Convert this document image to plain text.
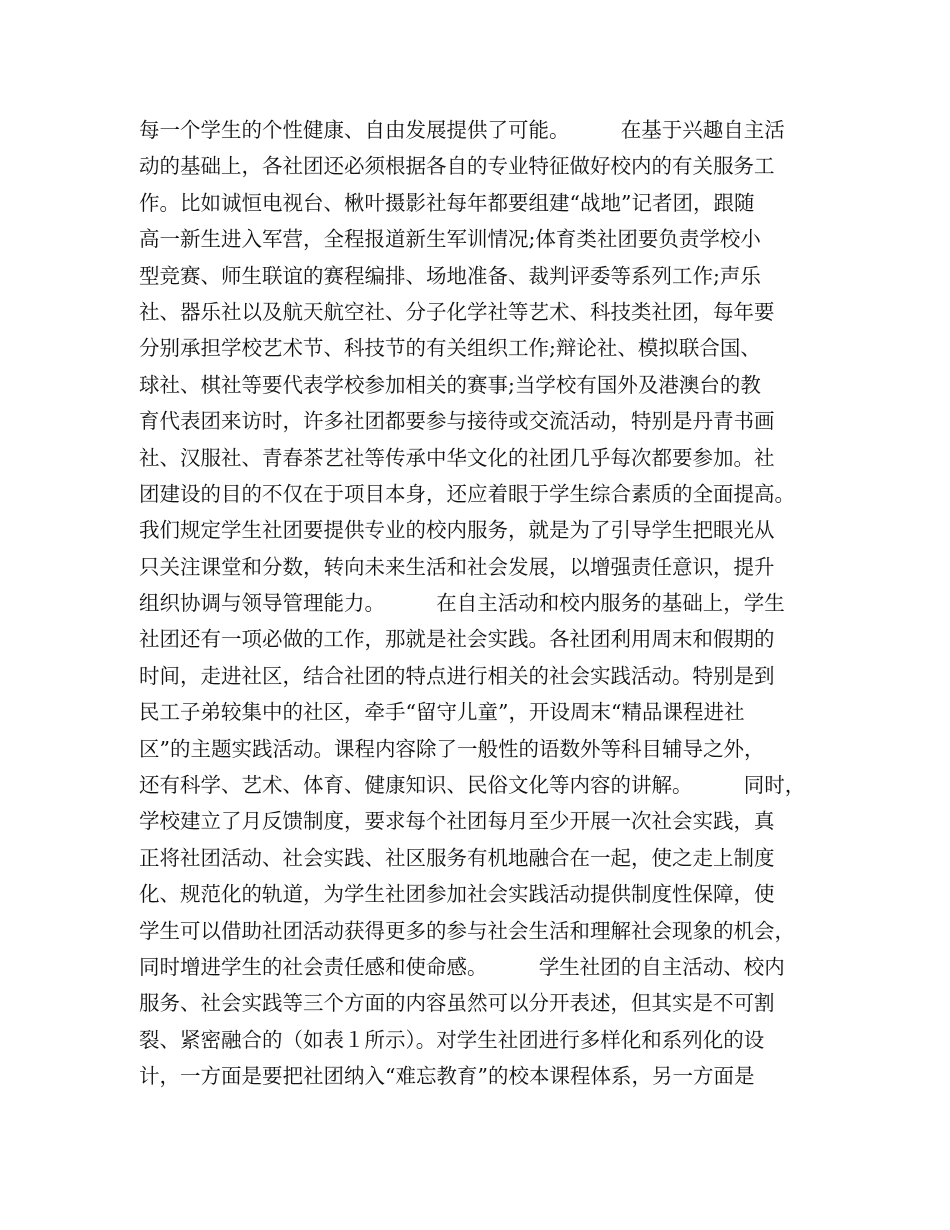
每一个学生的个性健康、自由发展提供了可能。　　　在基于兴趣自主活
动的基础上，各社团还必须根据各自的专业特征做好校内的有关服务工
作。比如诚恒电视台、楸叶摄影社每年都要组建“战地”记者团，跟随
高一新生进入军营，全程报道新生军训情况;体育类社团要负责学校小
型竞赛、师生联谊的赛程编排、场地准备、裁判评委等系列工作;声乐
社、器乐社以及航天航空社、分子化学社等艺术、科技类社团，每年要
分别承担学校艺术节、科技节的有关组织工作;辩论社、模拟联合国、
球社、棋社等要代表学校参加相关的赛事;当学校有国外及港澳台的教
育代表团来访时，许多社团都要参与接待或交流活动，特别是丹青书画
社、汉服社、青春茶艺社等传承中华文化的社团几乎每次都要参加。社
团建设的目的不仅在于项目本身，还应着眼于学生综合素质的全面提高。
我们规定学生社团要提供专业的校内服务，就是为了引导学生把眼光从
只关注课堂和分数，转向未来生活和社会发展，以增强责任意识，提升
组织协调与领导管理能力。　　　在自主活动和校内服务的基础上，学生
社团还有一项必做的工作，那就是社会实践。各社团利用周末和假期的
时间，走进社区，结合社团的特点进行相关的社会实践活动。特别是到
民工子弟较集中的社区，牵手“留守儿童”，开设周末“精品课程进社
区”的主题实践活动。课程内容除了一般性的语数外等科目辅导之外，
还有科学、艺术、体育、健康知识、民俗文化等内容的讲解。　　　同时，
学校建立了月反馈制度，要求每个社团每月至少开展一次社会实践，真
正将社团活动、社会实践、社区服务有机地融合在一起，使之走上制度
化、规范化的轨道，为学生社团参加社会实践活动提供制度性保障，使
学生可以借助社团活动获得更多的参与社会生活和理解社会现象的机会，
同时增进学生的社会责任感和使命感。　　　学生社团的自主活动、校内
服务、社会实践等三个方面的内容虽然可以分开表述，但其实是不可割
裂、紧密融合的（如表１所示）。对学生社团进行多样化和系列化的设
计，一方面是要把社团纳入“难忘教育”的校本课程体系，另一方面是
